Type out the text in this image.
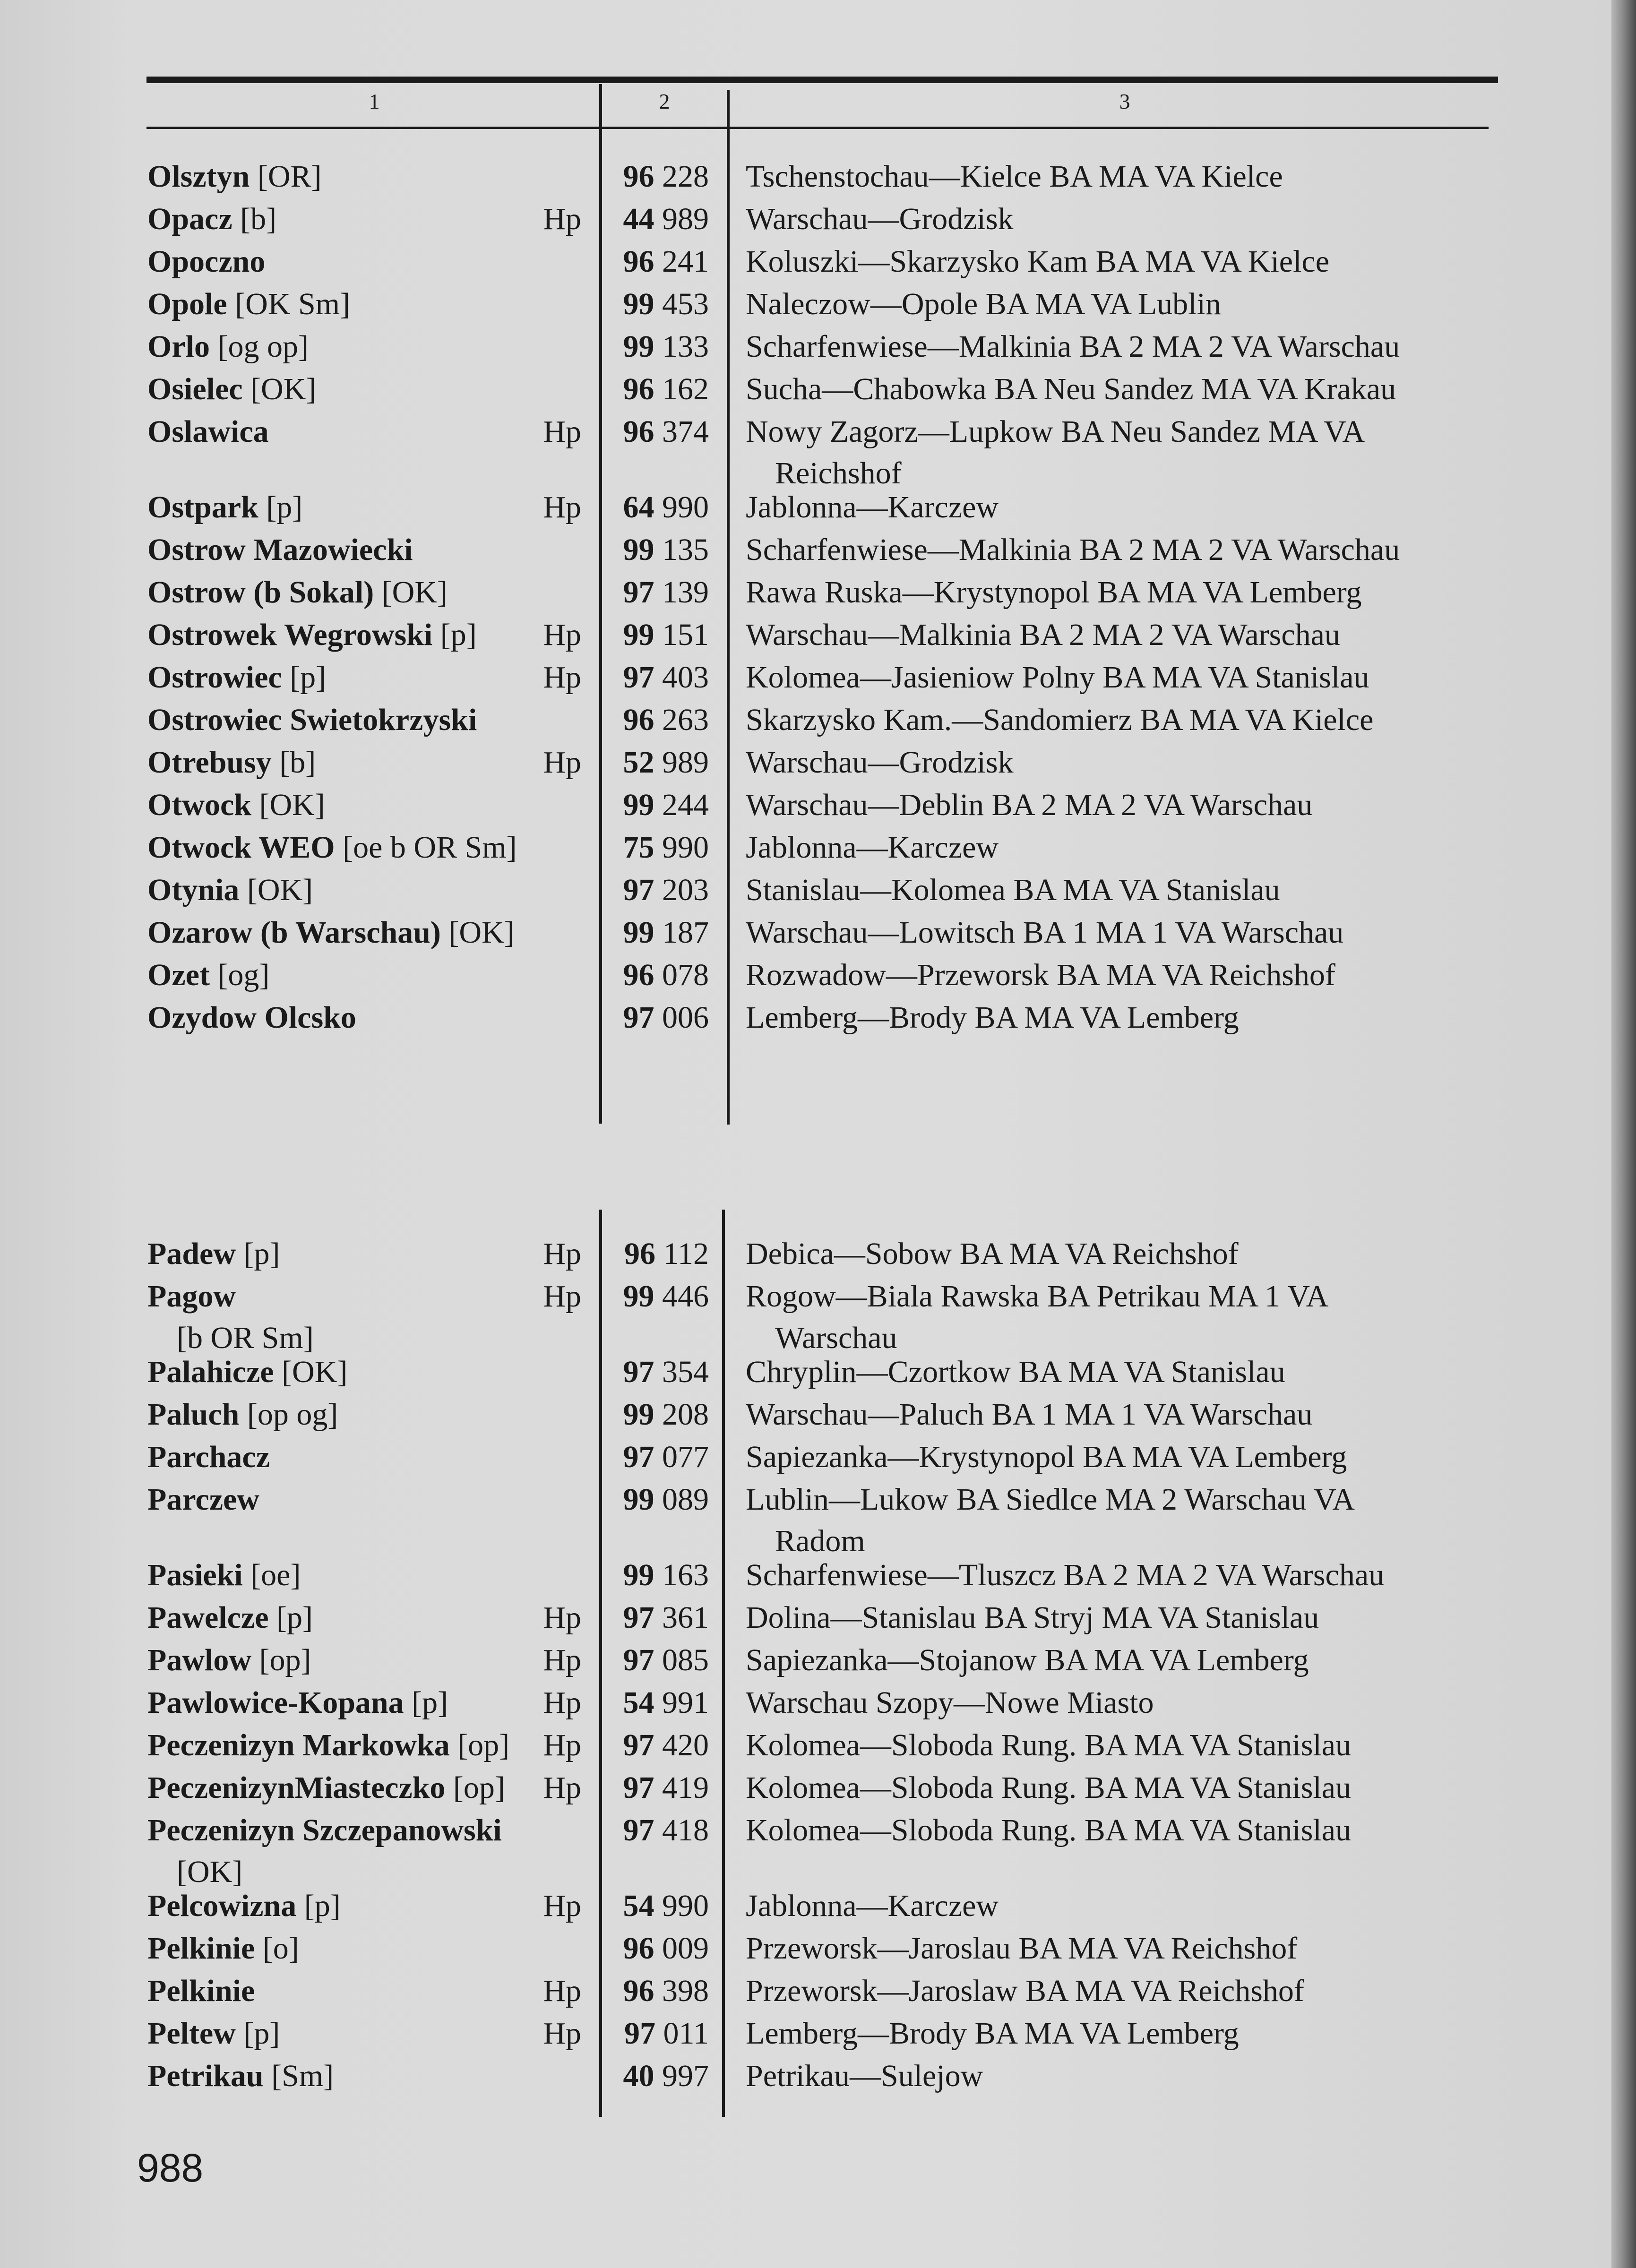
1	2	3
Olsztyn [OR]	96 228 Tschenstochau—Kielce BA MA VA Kielce
Opacz [b]	Hp	44 989 Warschau—Grodzisk
Opoczno	96 241 Koluszki—Skarzysko Kam BA MA VA Kielce
Opole [OK Sm]	99 453 Naleczow—Opole BA MA VA Lublin
Orlo [og op]	99 133 Scharfenwiese—Malkinia BA 2 MA 2 VA Warschau
Osielec [OK]	96 162 Sucha—Chabowka BA Neu Sandez MA VA Krakau
Oslawica	Hp	96 374 Nowy Zagorz—Lupkow BA Neu Sandez MA VA
Reichshof
Ostpark [p]	Hp	64 990 Jablonna—Karczew
Ostrow Mazowiecki	99 135 Scharfenwiese—Malkinia BA 2 MA 2 VA Warschau
Ostrow (b Sokal) [OK]	97 139 Rawa Ruska—Krystynopol BA MA VA Lemberg
Ostrowek Wegrowski [p]	Hp	99 151 Warschau—Malkinia BA 2 MA 2 VA Warschau
Ostrowiec [p]	Hp	97 403 Kolomea—Jasieniow Polny BA MA VA Stanislau
Ostrowiec Swietokrzyski	96 263 Skarzysko Kam.—Sandomierz BA MA VA Kielce
Otrebusy [b]	Hp	52 989 Warschau—Grodzisk
Otwock [OK]	99 244 Warschau—Deblin BA 2 MA 2 VA Warschau
Otwock WEO [oe b OR Sm]	75 990 Jablonna—Karczew
Otynia [OK]	97 203 Stanislau—Kolomea BA MA VA Stanislau
Ozarow (b Warschau) [OK]	99 187 Warschau—Lowitsch BA 1 MA 1 VA Warschau
Ozet [og]	96 078 Rozwadow—Przeworsk BA MA VA Reichshof
Ozydow Olcsko	97 006 Lemberg—Brody BA MA VA Lemberg
Padew [p]	Hp	96 112 Debica—Sobow BA MA VA Reichshof
Pagow
[b OR Sm]
Hp	99 446 Rogow—Biala Rawska BA Petrikau MA 1 VA
Warschau
Palahicze [OK]	97 354 Chryplin—Czortkow BA MA VA Stanislau
Paluch [op og]	99 208 Warschau—Paluch BA 1 MA 1 VA Warschau
Parchacz	97 077 Sapiezanka—Krystynopol BA MA VA Lemberg
Parczew	99 089 Lublin—Lukow BA Siedlce MA 2 Warschau VA
Radom
Pasieki [oe]	99 163 Scharfenwiese—Tluszcz BA 2 MA 2 VA Warschau
Pawelcze [p]	Hp	97 361 Dolina—Stanislau BA Stryj MA VA Stanislau
Pawlow [op]	Hp	97 085 Sapiezanka—Stojanow BA MA VA Lemberg
Pawlowice-Kopana [p]	Hp	54 991 Warschau Szopy—Nowe Miasto
Peczenizyn Markowka [op]	Hp	97 420 Kolomea—Sloboda Rung. BA MA VA Stanislau
PeczenizynMiasteczko [op]	Hp	97 419 Kolomea—Sloboda Rung. BA MA VA Stanislau
Peczenizyn Szczepanowski
[OK]
97 418 Kolomea—Sloboda Rung. BA MA VA Stanislau
Pelcowizna [p]	Hp	54 990 Jablonna—Karczew
Pelkinie [o]	96 009 Przeworsk—Jaroslau BA MA VA Reichshof
Pelkinie	Hp	96 398 Przeworsk—Jaroslaw BA MA VA Reichshof
Peltew [p]	Hp	97 011 Lemberg—Brody BA MA VA Lemberg
Petrikau [Sm]	40 997 Petrikau—Sulejow
988
